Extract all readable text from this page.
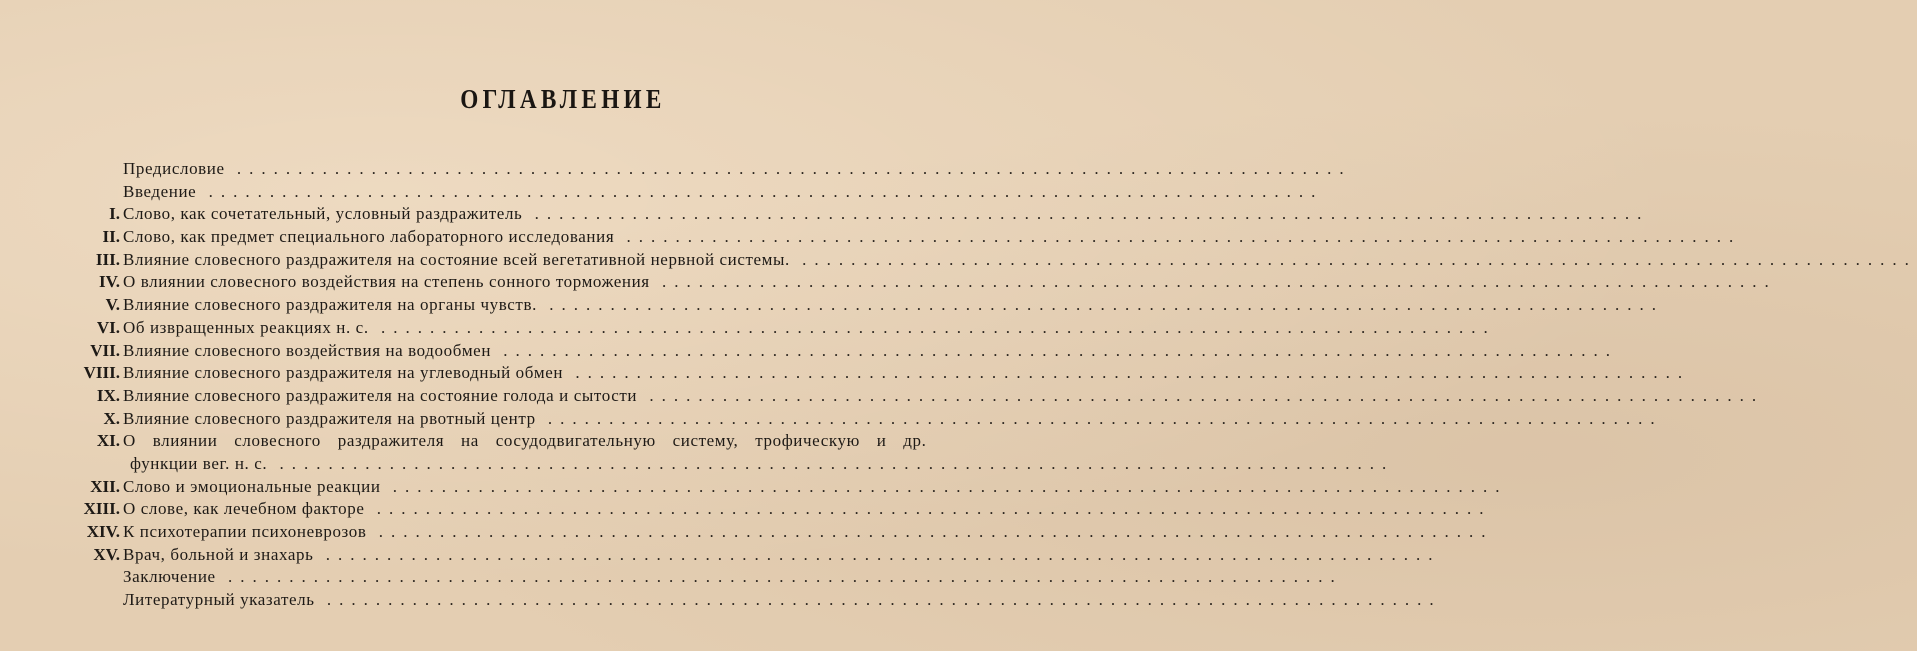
ОГЛАВЛЕНИЕ
Предисловие ...........................................................................................
Введение ...........................................................................................
I. Слово, как сочетательный, условный раздражитель ...........................................................................................
II. Слово, как предмет специального лабораторного исследования ...........................................................................................
III. Влияние словесного раздражителя на состояние всей вегетативной нервной системы. ...........................................................................................
IV. О влиянии словесного воздействия на степень сонного торможения ...........................................................................................
V. Влияние словесного раздражителя на органы чувств. ...........................................................................................
VI. Об извращенных реакциях н. с. ...........................................................................................
VII. Влияние словесного воздействия на водообмен ...........................................................................................
VIII. Влияние словесного раздражителя на углеводный обмен ...........................................................................................
IX. Влияние словесного раздражителя на состояние голода и сытости ...........................................................................................
X. Влияние словесного раздражителя на рвотный центр ...........................................................................................
XI. О влиянии словесного раздражителя на сосудодвигательную систему, трофическую и др.
функции вег. н. с. ...........................................................................................
XII. Слово и эмоциональные реакции ...........................................................................................
XIII. О слове, как лечебном факторе ...........................................................................................
XIV. К психотерапии психоневрозов ...........................................................................................
XV. Врач, больной и знахарь ...........................................................................................
Заключение ...........................................................................................
Литературный указатель ...........................................................................................
